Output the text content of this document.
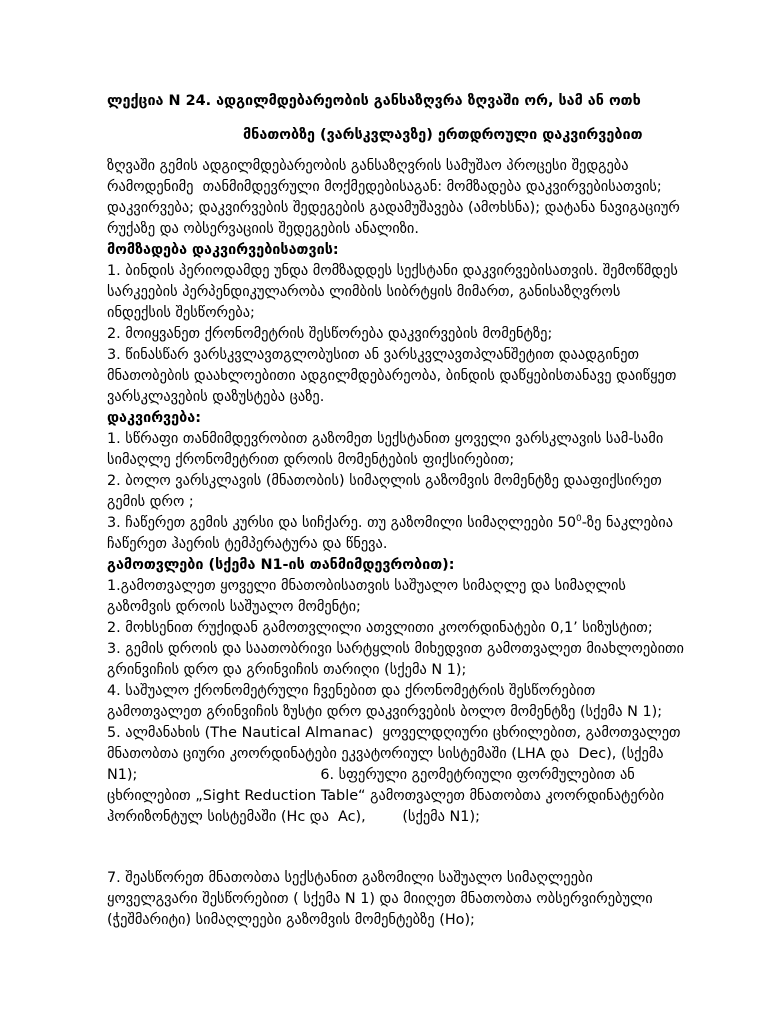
ლექცია N 24. ადგილმდებარეობის განსაზღვრა ზღვაში ორ, სამ ან ოთხ
მნათობზე (ვარსკვლავზე) ერთდროული დაკვირვებით
ზღვაში გემის ადგილმდებარეობის განსაზღვრის სამუშაო პროცესი შედგება
რამოდენიმე  თანმიმდევრული მოქმედებისაგან: მომზადება დაკვირვებისათვის;
დაკვირვება; დაკვირვების შედეგების გადამუშავება (ამოხსნა); დატანა ნავიგაციურ
რუქაზე და ობსერვაციის შედეგების ანალიზი.
მომზადება დაკვირვებისათვის:
1. ბინდის პერიოდამდე უნდა მომზადდეს სექსტანი დაკვირვებისათვის. შემოწმდეს
სარკეების პერპენდიკულარობა ლიმბის სიბრტყის მიმართ, განისაზღვროს
ინდექსის შესწორება;
2. მოიყვანეთ ქრონომეტრის შესწორება დაკვირვების მომენტზე;
3. წინასწარ ვარსკვლავთგლობუსით ან ვარსკვლავთპლანშეტით დაადგინეთ
მნათობების დაახლოებითი ადგილმდებარეობა, ბინდის დაწყებისთანავე დაიწყეთ
ვარსკლავების დაზუსტება ცაზე.
დაკვირვება:
1. სწრაფი თანმიმდევრობით გაზომეთ სექსტანით ყოველი ვარსკლავის სამ-სამი
სიმაღლე ქრონომეტრით დროის მომენტების ფიქსირებით;
2. ბოლო ვარსკლავის (მნათობის) სიმაღლის გაზომვის მომენტზე დააფიქსირეთ
გემის დრო ;
3. ჩაწერეთ გემის კურსი და სიჩქარე. თუ გაზომილი სიმაღლეები $50^0-ზე$ ნაკლებია
ჩაწერეთ ჰაერის ტემპერატურა და წნევა.
გამოთვლები (სქემა N1-ის თანმიმდევრობით):
1.გამოთვალეთ ყოველი მნათობისათვის საშუალო სიმაღლე და სიმაღლის
გაზომვის დროის საშუალო მომენტი;
2. მოხსენით რუქიდან გამოთვლილი ათვლითი კოორდინატები 0,1’ სიზუსტით;
3. გემის დროის და საათობრივი სარტყლის მიხედვით გამოთვალეთ მიახლოებითი
გრინვიჩის დრო და გრინვიჩის თარიღი (სქემა N 1);
4. საშუალო ქრონომეტრული ჩვენებით და ქრონომეტრის შესწორებით
გამოთვალეთ გრინვიჩის ზუსტი დრო დაკვირვების ბოლო მომენტზე (სქემა N 1);
5. ალმანახის (The Nautical Almanac)  ყოველდღიური ცხრილებით, გამოთვალეთ
მნათობთა ციური კოორდინატები ეკვატორიულ სისტემაში (LHA და  Dec), (სქემა
N1);                                        6. სფერული გეომეტრიული ფორმულებით ან
ცხრილებით „Sight Reduction Table“ გამოთვალეთ მნათობთა კოორდინატერბი
ჰორიზონტულ სისტემაში (Hc და  Ac),        (სქემა N1);
7. შეასწორეთ მნათობთა სექსტანით გაზომილი საშუალო სიმაღლეები
ყოველგვარი შესწორებით ( სქემა N 1) და მიიღეთ მნათობთა ობსერვირებული
(ჭეშმარიტი) სიმაღლეები გაზომვის მომენტებზე (Ho);
